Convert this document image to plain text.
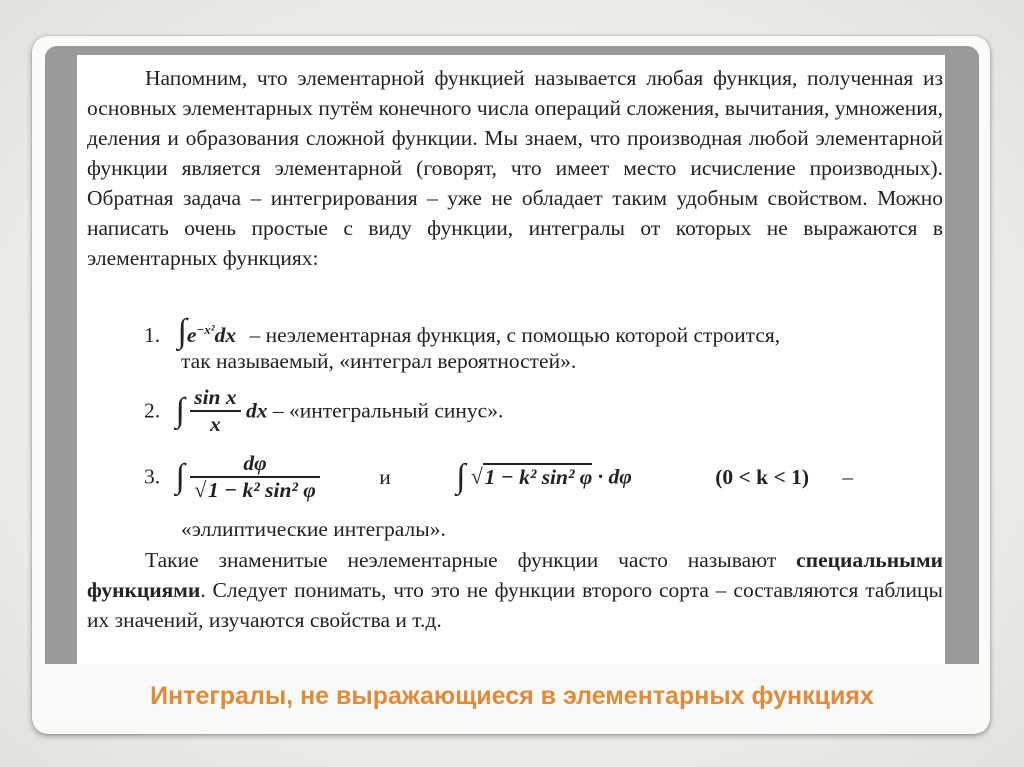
Напомним, что элементарной функцией называется любая функция, полученная из основных элементарных путём конечного числа операций сложения, вычитания, умножения, деления и образования сложной функции. Мы знаем, что производная любой элементарной функции является элементарной (говорят, что имеет место исчисление производных). Обратная задача – интегрирования – уже не обладает таким удобным свойством. Можно написать очень простые с виду функции, интегралы от которых не выражаются в элементарных функциях:
1. $\int e^{-x^2}dx$ – неэлементарная функция, с помощью которой строится,
так называемый, «интеграл вероятностей».
2. ∫ $\frac{\text{sin x}}{x}$ dx – «интегральный синус».
3. ∫ $\frac{d\varphi}{\text{√1 − k² sin² φ}}$	и ∫ √1 − k² sin² φ · dφ	(0 < k < 1) –
«эллиптические интегралы».
Такие знаменитые неэлементарные функции часто называют специальными функциями. Следует понимать, что это не функции второго сорта – составляются таблицы их значений, изучаются свойства и т.д.
Интегралы, не выражающиеся в элементарных функциях
